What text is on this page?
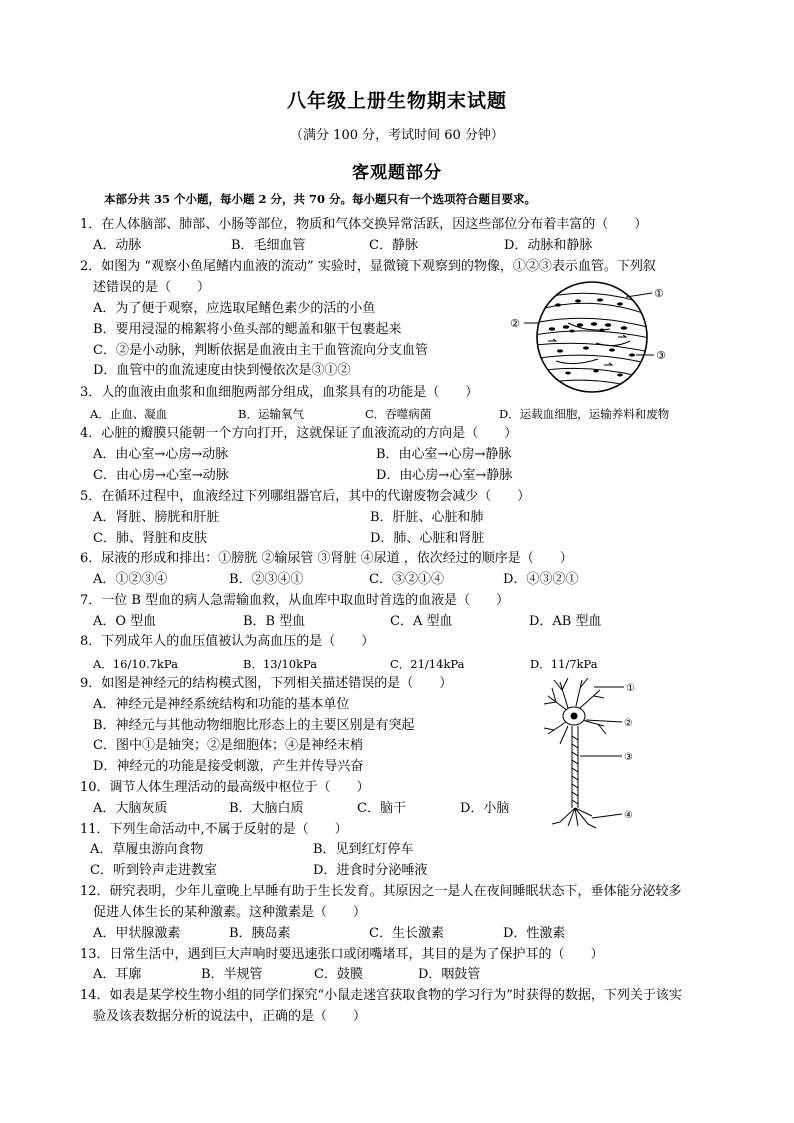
八年级上册生物期末试题
（满分 100 分，考试时间 60 分钟）
客观题部分
本部分共 35 个小题，每小题 2 分，共 70 分。每小题只有一个选项符合题目要求。
1．在人体脑部、肺部、小肠等部位，物质和气体交换异常活跃，因这些部位分布着丰富的（　　）
A．动脉	B．毛细血管	C．静脉	D．动脉和静脉
2．如图为 “观察小鱼尾鳍内血液的流动” 实验时，显微镜下观察到的物像，①②③表示血管。下列叙
述错误的是（　　）
A．为了便于观察，应选取尾鳍色素少的活的小鱼
B．要用浸湿的棉絮将小鱼头部的鳃盖和躯干包裹起来
C．②是小动脉，判断依据是血液由主干血管流向分支血管
D．血管中的血流速度由快到慢依次是③①②
①
②
③
3．人的血液由血浆和血细胞两部分组成，血浆具有的功能是（　　）
A．止血、凝血	B．运输氧气	C．吞噬病菌	D．运载血细胞，运输养料和废物
4．心脏的瓣膜只能朝一个方向打开，这就保证了血液流动的方向是（　　）
A．由心室→心房→动脉	B．由心室→心房→静脉
C．由心房→心室→动脉	D．由心房→心室→静脉
5．在循环过程中，血液经过下列哪组器官后，其中的代谢废物会减少（　　）
A．肾脏、膀胱和肝脏	B．肝脏、心脏和肺
C．肺、肾脏和皮肤	D．肺、心脏和肾脏
6．尿液的形成和排出：①膀胱 ②输尿管 ③肾脏 ④尿道 ，依次经过的顺序是（　　）
A．①②③④	B．②③④①	C．③②①④	D．④③②①
7．一位 B 型血的病人急需输血救，从血库中取血时首选的血液是（　　）
A．O 型血	B．B 型血	C．A 型血	D．AB 型血
8．下列成年人的血压值被认为高血压的是（　　）
A．16/10.7kPa	B．13/10kPa	C．21/14kPa	D．11/7kPa
9．如图是神经元的结构模式图，下列相关描述错误的是（　　）
A．神经元是神经系统结构和功能的基本单位
B．神经元与其他动物细胞比形态上的主要区别是有突起
C．图中①是轴突；②是细胞体；④是神经末梢
D．神经元的功能是接受刺激，产生并传导兴奋
①
②
③
④
10．调节人体生理活动的最高级中枢位于（　　）
A．大脑灰质	B．大脑白质	C．脑干	D．小脑
11．下列生命活动中,不属于反射的是（　　）
A．草履虫游向食物	B．见到红灯停车
C．听到铃声走进教室	D．进食时分泌唾液
12．研究表明，少年儿童晚上早睡有助于生长发育。其原因之一是人在夜间睡眠状态下，垂体能分泌较多
促进人体生长的某种激素。这种激素是（　　）
A．甲状腺激素	B．胰岛素	C．生长激素	D．性激素
13．日常生活中，遇到巨大声响时要迅速张口或闭嘴堵耳，其目的是为了保护耳的（　　）
A．耳廓	B．半规管	C．鼓膜	D．咽鼓管
14．如表是某学校生物小组的同学们探究“小鼠走迷宫获取食物的学习行为”时获得的数据，下列关于该实
验及该表数据分析的说法中，正确的是（　　）
